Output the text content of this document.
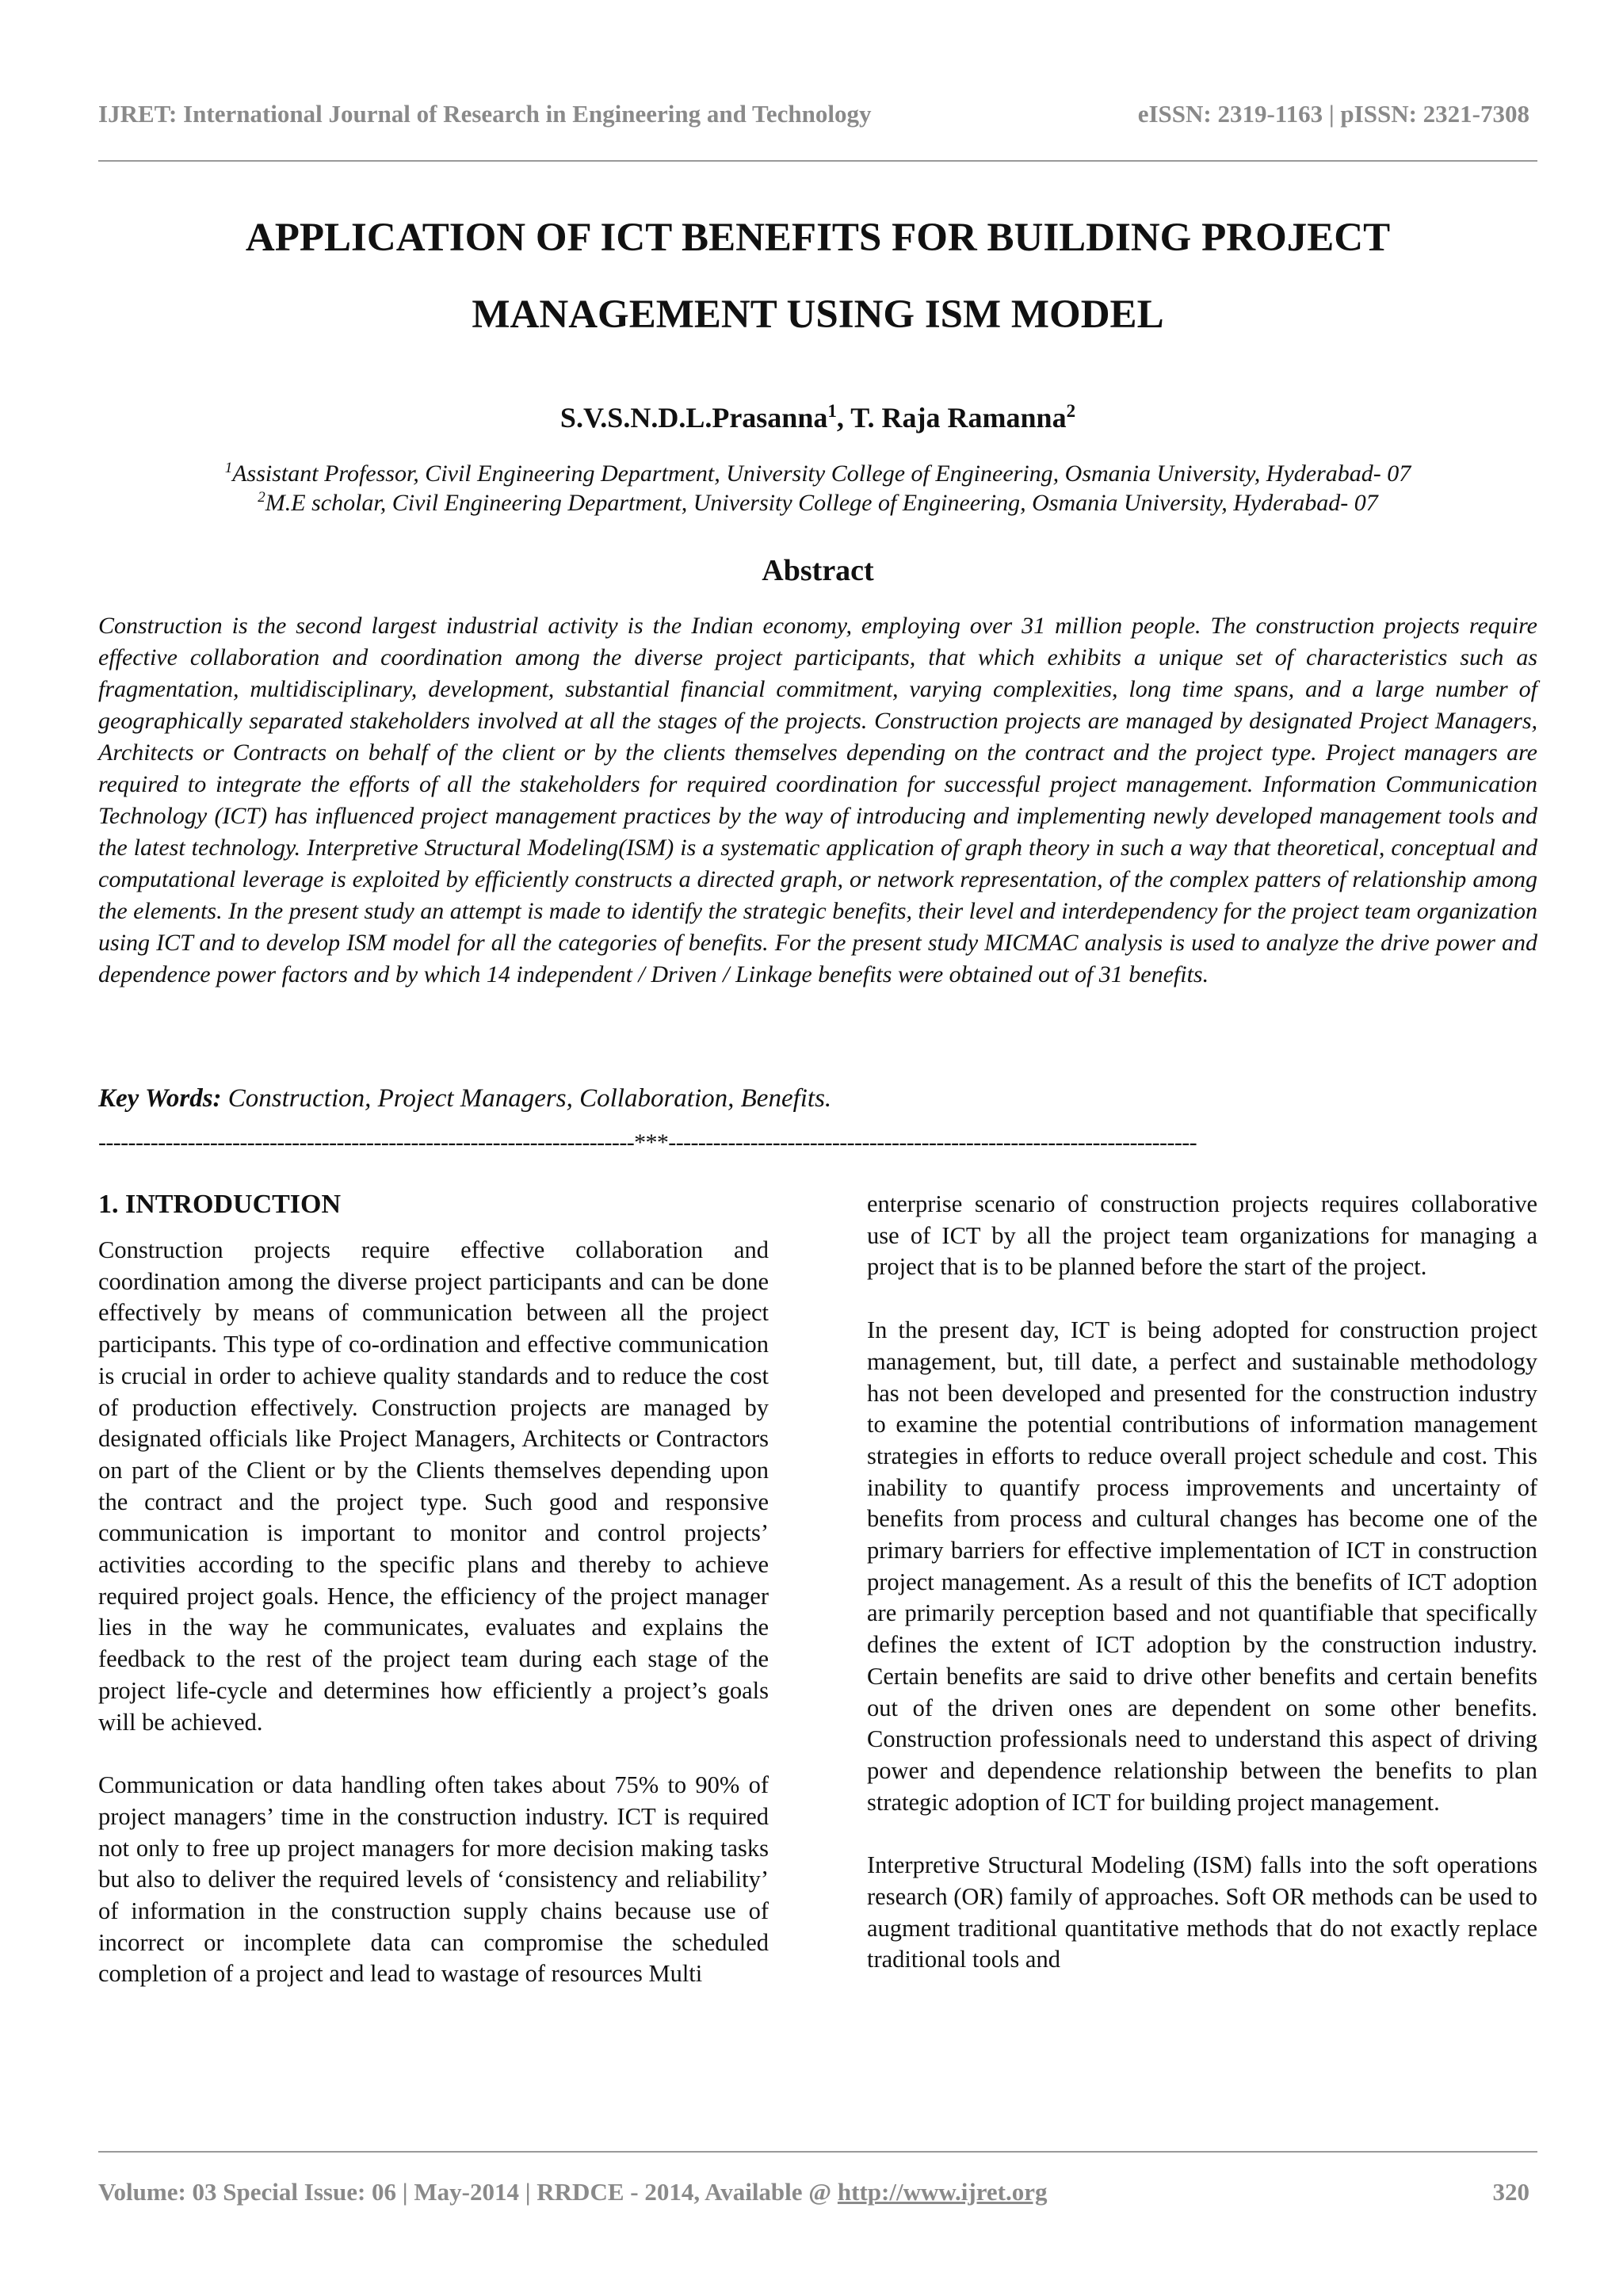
IJRET: International Journal of Research in Engineering and Technology	eISSN: 2319-1163 | pISSN: 2321-7308
APPLICATION OF ICT BENEFITS FOR BUILDING PROJECT
MANAGEMENT USING ISM MODEL
S.V.S.N.D.L.Prasanna$^1$, T. Raja Ramanna$^2$
$^1$Assistant Professor, Civil Engineering Department, University College of Engineering, Osmania University, Hyderabad- 07
$^2$M.E scholar, Civil Engineering Department, University College of Engineering, Osmania University, Hyderabad- 07
Abstract
Construction is the second largest industrial activity is the Indian economy, employing over 31 million people. The construction projects require effective collaboration and coordination among the diverse project participants, that which exhibits a unique set of characteristics such as fragmentation, multidisciplinary, development, substantial financial commitment, varying complexities, long time spans, and a large number of geographically separated stakeholders involved at all the stages of the projects. Construction projects are managed by designated Project Managers, Architects or Contracts on behalf of the client or by the clients themselves depending on the contract and the project type. Project managers are required to integrate the efforts of all the stakeholders for required coordination for successful project management. Information Communication Technology (ICT) has influenced project management practices by the way of introducing and implementing newly developed management tools and the latest technology. Interpretive Structural Modeling(ISM) is a systematic application of graph theory in such a way that theoretical, conceptual and computational leverage is exploited by efficiently constructs a directed graph, or network representation, of the complex patters of relationship among the elements. In the present study an attempt is made to identify the strategic benefits, their level and interdependency for the project team organization using ICT and to develop ISM model for all the categories of benefits. For the present study MICMAC analysis is used to analyze the drive power and dependence power factors and by which 14 independent / Driven / Linkage benefits were obtained out of 31 benefits.
Key Words: Construction, Project Managers, Collaboration, Benefits.
------------------------------------------------------------------------***-----------------------------------------------------------------------
1. INTRODUCTION

Construction projects require effective collaboration and coordination among the diverse project participants and can be done effectively by means of communication between all the project participants. This type of co-ordination and effective communication is crucial in order to achieve quality standards and to reduce the cost of production effectively. Construction projects are managed by designated officials like Project Managers, Architects or Contractors on part of the Client or by the Clients themselves depending upon the contract and the project type. Such good and responsive communication is important to monitor and control projects’ activities according to the specific plans and thereby to achieve required project goals. Hence, the efficiency of the project manager lies in the way he communicates, evaluates and explains the feedback to the rest of the project team during each stage of the project life-cycle and determines how efficiently a project’s goals will be achieved.

Communication or data handling often takes about 75% to 90% of project managers’ time in the construction industry. ICT is required not only to free up project managers for more decision making tasks but also to deliver the required levels of ‘consistency and reliability’ of information in the construction supply chains because use of incorrect or incomplete data can compromise the scheduled completion of a project and lead to wastage of resources Multi

enterprise scenario of construction projects requires collaborative use of ICT by all the project team organizations for managing a project that is to be planned before the start of the project.

In the present day, ICT is being adopted for construction project management, but, till date, a perfect and sustainable methodology has not been developed and presented for the construction industry to examine the potential contributions of information management strategies in efforts to reduce overall project schedule and cost. This inability to quantify process improvements and uncertainty of benefits from process and cultural changes has become one of the primary barriers for effective implementation of ICT in construction project management. As a result of this the benefits of ICT adoption are primarily perception based and not quantifiable that specifically defines the extent of ICT adoption by the construction industry. Certain benefits are said to drive other benefits and certain benefits out of the driven ones are dependent on some other benefits. Construction professionals need to understand this aspect of driving power and dependence relationship between the benefits to plan strategic adoption of ICT for building project management.

Interpretive Structural Modeling (ISM) falls into the soft operations research (OR) family of approaches. Soft OR methods can be used to augment traditional quantitative methods that do not exactly replace traditional tools and

Volume: 03 Special Issue: 06 | May-2014 | RRDCE - 2014, Available @ http://www.ijret.org	320
